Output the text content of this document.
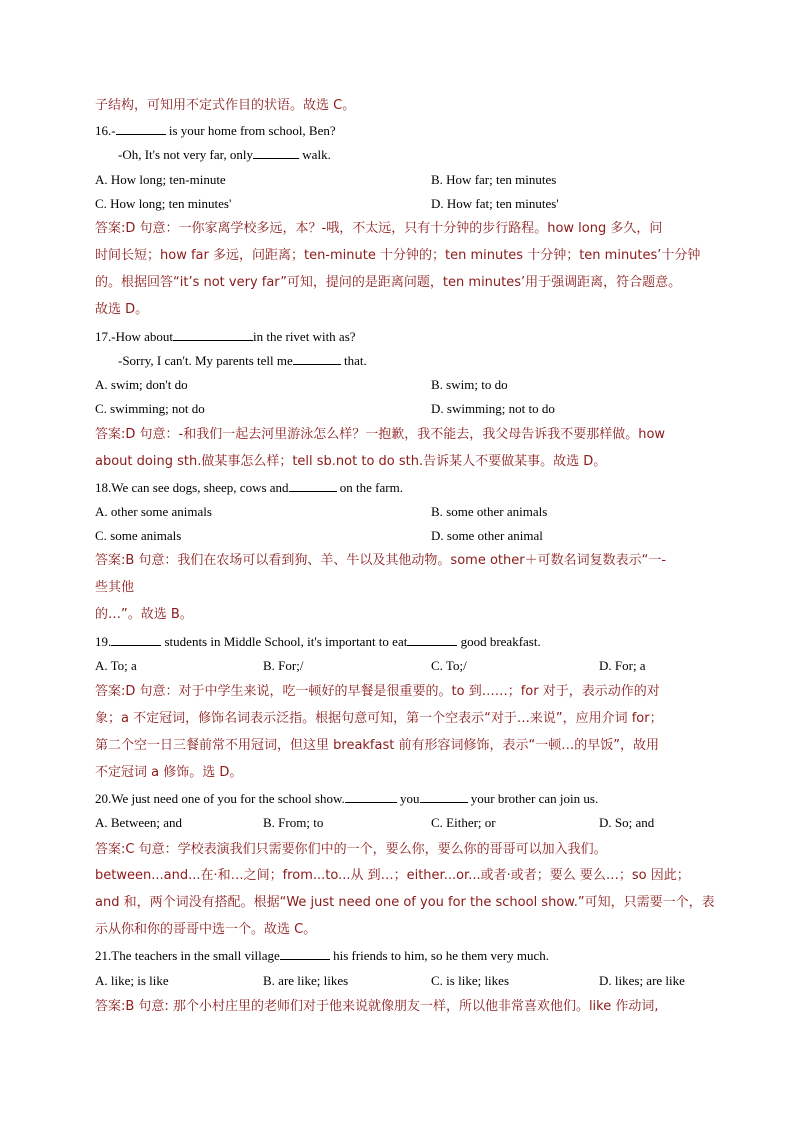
子结构，可知用不定式作目的状语。故选 C。
16.-	is your home from school, Ben?
-Oh, It's not very far, only	walk.
A. How long; ten-minute	B. How far; ten minutes
C. How long; ten minutes'	D. How fat; ten minutes'
答案:D 句意：一你家离学校多远，本？-哦，不太远，只有十分钟的步行路程。how long 多久，问
时间长短；how far 多远，问距离；ten-minute 十分钟的；ten minutes 十分钟；ten minutes’十分钟
的。根据回答“it’s not very far”可知，提问的是距离问题，ten minutes’用于强调距离，符合题意。
故选 D。
17.-How about	in the rivet with as?
-Sorry, I can't. My parents tell me	that.
A. swim; don't do	B. swim; to do
C. swimming; not do	D. swimming; not to do
答案:D 句意：-和我们一起去河里游泳怎么样？一抱歉，我不能去，我父母告诉我不要那样做。how
about doing sth.做某事怎么样；tell sb.not to do sth.告诉某人不要做某事。故选 D。
18.We can see dogs, sheep, cows and	on the farm.
A. other some animals	B. some other animals
C. some animals	D. some other animal
答案:B 句意：我们在农场可以看到狗、羊、牛以及其他动物。some other＋可数名词复数表示“一-
些其他
的…”。故选 B。
19.	students in Middle School, it's important to eat	good breakfast.
A. To; a	B. For;/	C. To;/	D. For; a
答案:D 句意：对于中学生来说，吃一顿好的早餐是很重要的。to 到……；for 对于，表示动作的对
象；a 不定冠词，修饰名词表示泛指。根据句意可知，第一个空表示“对于…来说”，应用介词 for；
第二个空一日三餐前常不用冠词，但这里 breakfast 前有形容词修饰，表示“一顿…的早饭”，故用
不定冠词 a 修饰。选 D。
20.We just need one of you for the school show.	you	your brother can join us.
A. Between; and	B. From; to	C. Either; or	D. So; and
答案:C 句意：学校表演我们只需要你们中的一个，要么你，要么你的哥哥可以加入我们。
between...and...在·和…之间；from...to...从 到…；either...or...或者·或者；要么 要么…；so 因此；
and 和，两个词没有搭配。根据“We just need one of you for the school show.”可知，只需要一个，表
示从你和你的哥哥中选一个。故选 C。
21.The teachers in the small village	his friends to him, so he them very much.
A. like; is like	B. are like; likes	C. is like; likes	D. likes; are like
答案:B 句意: 那个小村庄里的老师们对于他来说就像朋友一样，所以他非常喜欢他们。like 作动词,
